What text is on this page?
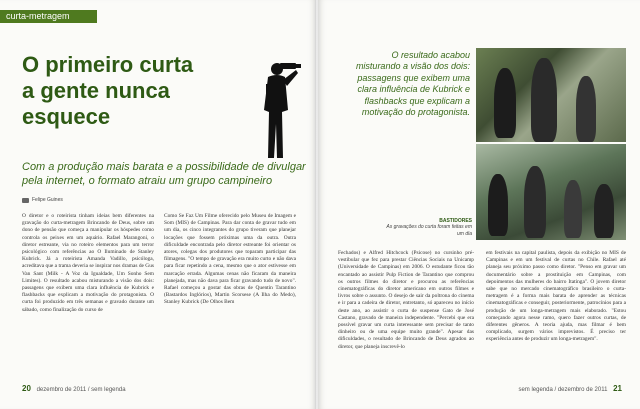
curta-metragem
O primeiro curta
a gente nunca
esquece
Com a produção mais barata e a possibilidade de divulgar pela internet, o formato atraiu um grupo campineiro
Felipe Guines

O diretor e o roteirista tinham ideias bem diferentes na gravação do curta-metragem Brincando de Deus, sobre um dono de pensão que começa a manipular os hóspedes como controla os peixes em um aquário. Rafael Marangoni, o diretor estreante, via no roteiro elementos para um terror psicológico com referências ao O Iluminado de Stanley Kubrick. Já a roteirista Amanda Vadillo, psicóloga, acreditava que a trama deveria se inspirar nos dramas de Gus Van Sant (Milk - A Voz da Igualdade, Um Sonho Sem Limites). O resultado acabou misturando a visão dos dois: passagens que exibem uma clara influência de Kubrick e flashbacks que explicam a motivação do protagonista. O curta foi produzido em três semanas e gravado durante um sábado, como finalização do curso de

Como Se Faz Um Filme oferecido pelo Museu de Imagem e Som (MIS) de Campinas. Para dar conta de gravar tudo em um dia, os cinco integrantes do grupo tiveram que planejar locações que fossem próximas uma da outra. Outra dificuldade encontrada pelo diretor estreante foi orientar os atores, colegas dos produtores que toparam participar das filmagens. "O tempo de gravação era muito curto e não dava para ficar repetindo a cena, mesmo que o ator estivesse em marcação errada. Algumas cenas não ficaram da maneira planejada, mas não dava para ficar gravando tudo de novo". Rafael começou a gostar das obras de Quentin Tarantino (Bastardos Inglórios), Martin Scorsese (A Ilha do Medo), Stanley Kubrick (De Olhos Bem

20 dezembro de 2011 / sem legenda
O resultado acabou misturando a visão dos dois: passagens que exibem uma clara influência de Kubrick e flashbacks que explicam a motivação do protagonista.
BASTIDORES
As gravações do curta foram feitas em um dia

Fechados) e Alfred Hitchcock (Psicose) no cursinho pré-vestibular que fez para prestar Ciências Sociais na Unicamp (Universidade de Campinas) em 2006. O estudante ficou tão encantado ao assistir Pulp Fiction de Tarantino que comprou os outros filmes do diretor e procurou as referências cinematográficas do diretor americano em outros filmes e livros sobre o assunto. O desejo de sair da poltrona do cinema e ir para a cadeira de diretor, entretanto, só apareceu no início deste ano, ao assistir o curta de suspense Gato de José Castano, gravado de maneira independente. "Percebi que era possível gravar um curta interessante sem precisar de tanto dinheiro ou de uma equipe muito grande". Apesar das dificuldades, o resultado de Brincando de Deus agradou ao diretor, que planeja inscrevê-lo

em festivais na capital paulista, depois da exibição no MIS de Campinas e em um festival de curtas no Chile. Rafael até planeja seu próximo passo como diretor. "Penso em gravar um documentário sobre a prostituição em Campinas, com depoimentos das mulheres do bairro Itatinga". O jovem diretor sabe que no mercado cinematográfico brasileiro o curta-metragem é a forma mais barata de aprender as técnicas cinematográficas e conseguir, posteriormente, patrocínios para a produção de um longa-metragem mais elaborado. "Estou começando agora nesse ramo, quero fazer outros curtas, de diferentes gêneros. A teoria ajuda, mas filmar é bem complicado, surgem vários imprevistos. É preciso ter experiência antes de produzir um longa-metragem".

sem legenda / dezembro de 2011 21
